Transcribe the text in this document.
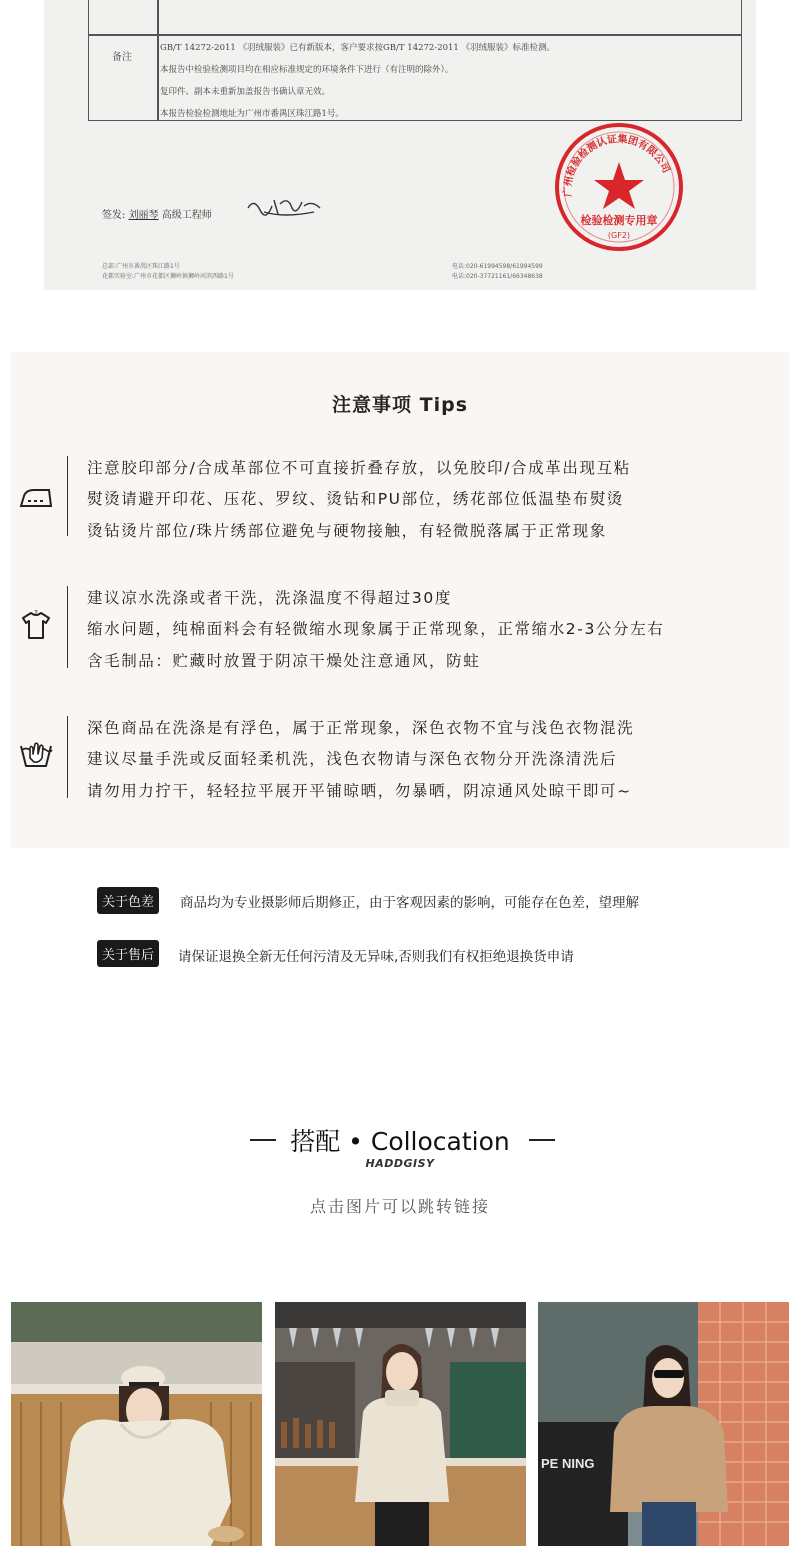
备注

GB/T 14272-2011 《羽绒服装》已有新版本，客户要求按GB/T 14272-2011 《羽绒服装》标准检测。

本报告中检验检测项目均在相应标准规定的环境条件下进行（有注明的除外）。

复印件、副本未重新加盖报告书确认章无效。

本报告检验检测地址为广州市番禺区珠江路1号。

签发: 刘丽琴 高级工程师
广州检验检测认证集团有限公司
检验检测专用章
(GF2)
总部:广州市番禺区珠江路1号
花都实验室:广州市花都区狮岭镇狮岭河滨西路1号
电话:020-61994598/61994599
电话:020-37721161/66348638
注意事项 Tips
注意胶印部分/合成革部位不可直接折叠存放，以免胶印/合成革出现互粘
熨烫请避开印花、压花、罗纹、烫钻和PU部位，绣花部位低温垫布熨烫
烫钻烫片部位/珠片绣部位避免与硬物接触，有轻微脱落属于正常现象
?
建议凉水洗涤或者干洗，洗涤温度不得超过30度
缩水问题，纯棉面料会有轻微缩水现象属于正常现象，正常缩水2-3公分左右
含毛制品：贮藏时放置于阴凉干燥处注意通风，防蛀
深色商品在洗涤是有浮色，属于正常现象，深色衣物不宜与浅色衣物混洗
建议尽量手洗或反面轻柔机洗，浅色衣物请与深色衣物分开洗涤清洗后
请勿用力拧干，轻轻拉平展开平铺晾晒，勿暴晒，阴凉通风处晾干即可~
关于色差	商品均为专业摄影师后期修正，由于客观因素的影响，可能存在色差，望理解
关于售后	请保证退换全新无任何污清及无异味,否则我们有权拒绝退换货申请
搭配 • Collocation
HADDGISY
点击图片可以跳转链接
PE NING
